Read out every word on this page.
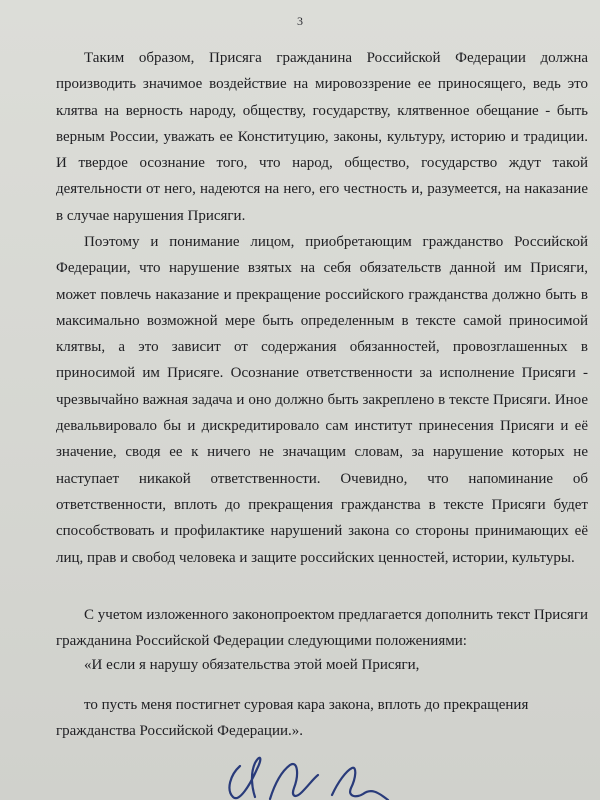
3

Таким образом, Присяга гражданина Российской Федерации должна производить значимое воздействие на мировоззрение ее приносящего, ведь это клятва на верность народу, обществу, государству, клятвенное обещание - быть верным России, уважать ее Конституцию, законы, культуру, историю и традиции. И твердое осознание того, что народ, общество, государство ждут такой деятельности от него, надеются на него, его честность и, разумеется, на наказание в случае нарушения Присяги.

Поэтому и понимание лицом, приобретающим гражданство Российской Федерации, что нарушение взятых на себя обязательств данной им Присяги, может повлечь наказание и прекращение российского гражданства должно быть в максимально возможной мере быть определенным в тексте самой приносимой клятвы, а это зависит от содержания обязанностей, провозглашенных в приносимой им Присяге. Осознание ответственности за исполнение Присяги - чрезвычайно важная задача и оно должно быть закреплено в тексте Присяги. Иное девальвировало бы и дискредитировало сам институт принесения Присяги и её значение, сводя ее к ничего не значащим словам, за нарушение которых не наступает никакой ответственности. Очевидно, что напоминание об ответственности, вплоть до прекращения гражданства в тексте Присяги будет способствовать и профилактике нарушений закона со стороны принимающих её лиц, прав и свобод человека и защите российских ценностей, истории, культуры.

С учетом изложенного законопроектом предлагается дополнить текст Присяги гражданина Российской Федерации следующими положениями:

«И если я нарушу обязательства этой моей Присяги,

то пусть меня постигнет суровая кара закона, вплоть до прекращения гражданства Российской Федерации.».
